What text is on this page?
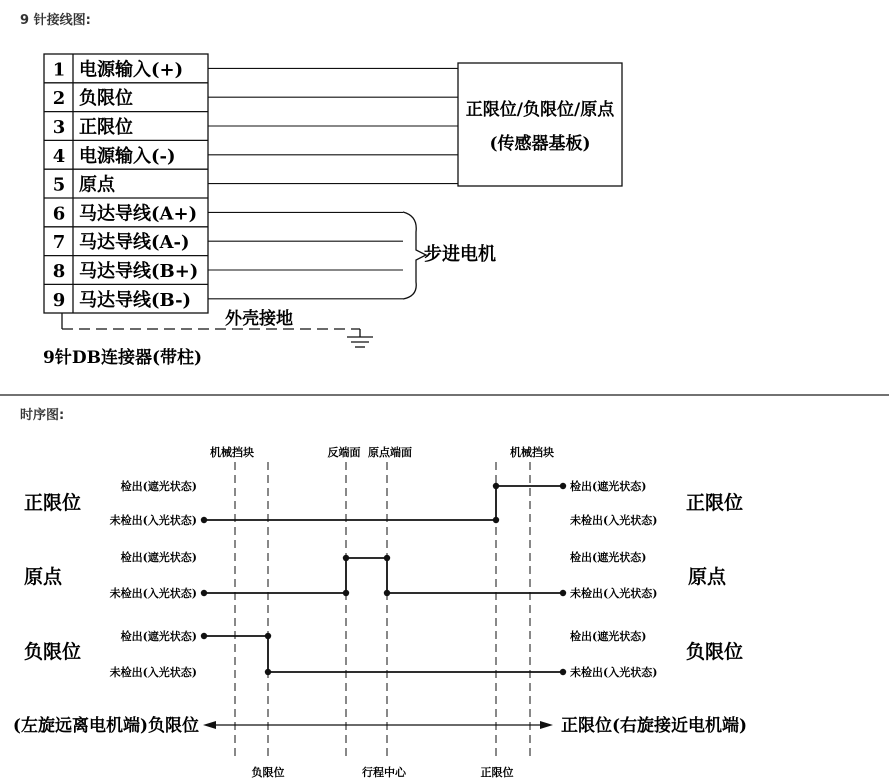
9 针接线图:
时序图:
1 电源输入(+)
2 负限位
3 正限位
4 电源输入(-)
5 原点
6 马达导线(A+)
7 马达导线(A-)
8 马达导线(B+)
9 马达导线(B-)
正限位/负限位/原点
(传感器基板)
步进电机
外壳接地
9针DB连接器(带柱)
机械挡块	反端面 原点端面	机械挡块
正限位
原点
负限位
正限位
原点
负限位
检出(遮光状态)
未检出(入光状态)
检出(遮光状态)
未检出(入光状态)
检出(遮光状态)
未检出(入光状态)
检出(遮光状态)
未检出(入光状态)
检出(遮光状态)
未检出(入光状态)
检出(遮光状态)
未检出(入光状态)
(左旋远离电机端)负限位	正限位(右旋接近电机端)
负限位	行程中心	正限位
